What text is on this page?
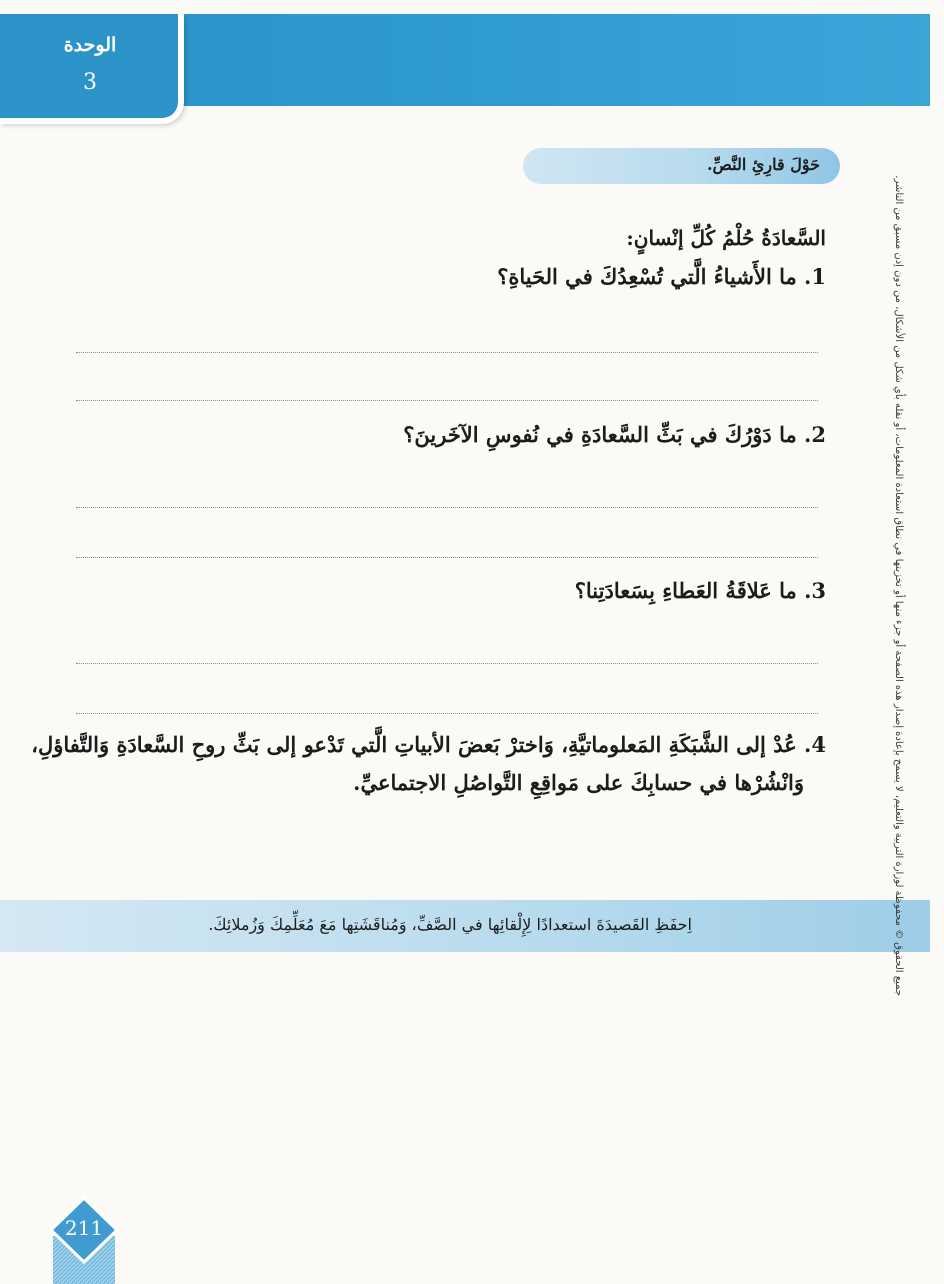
الوحدة
3
حَوْلَ قارِئِ النَّصِّ.
السَّعادَةُ حُلْمُ كُلِّ إنْسانٍ:
1. ما الأَشياءُ الَّتي تُسْعِدُكَ في الحَياةِ؟
2. ما دَوْرُكَ في بَثِّ السَّعادَةِ في نُفوسِ الآخَرينَ؟
3. ما عَلاقَةُ العَطاءِ بِسَعادَتِنا؟
4. عُدْ إلى الشَّبَكَةِ المَعلوماتيَّةِ، وَاخترْ بَعضَ الأبياتِ الَّتي تَدْعو إلى بَثِّ روحِ السَّعادَةِ وَالتَّفاؤلِ،
وَانْشُرْها في حسابِكَ على مَواقِعِ التَّواصُلِ الاجتماعيِّ.
اِحفَظِ القَصيدَةَ استعدادًا لِإِلْقائِها في الصَّفِّ، وَمُناقَشَتِها مَعَ مُعَلِّمِكَ وَزُملائِكَ.	جميع الحقوق © محفوظة لوزارة التربية والتعليم، لا يسمح بإعادة إصدار هذه الصفحة أو جزء منها أو تخزينها في نطاق استعادة المعلومات، أو نقله بأي شكل من الأشكال، من دون إذن مسبق من الناشر.
211
